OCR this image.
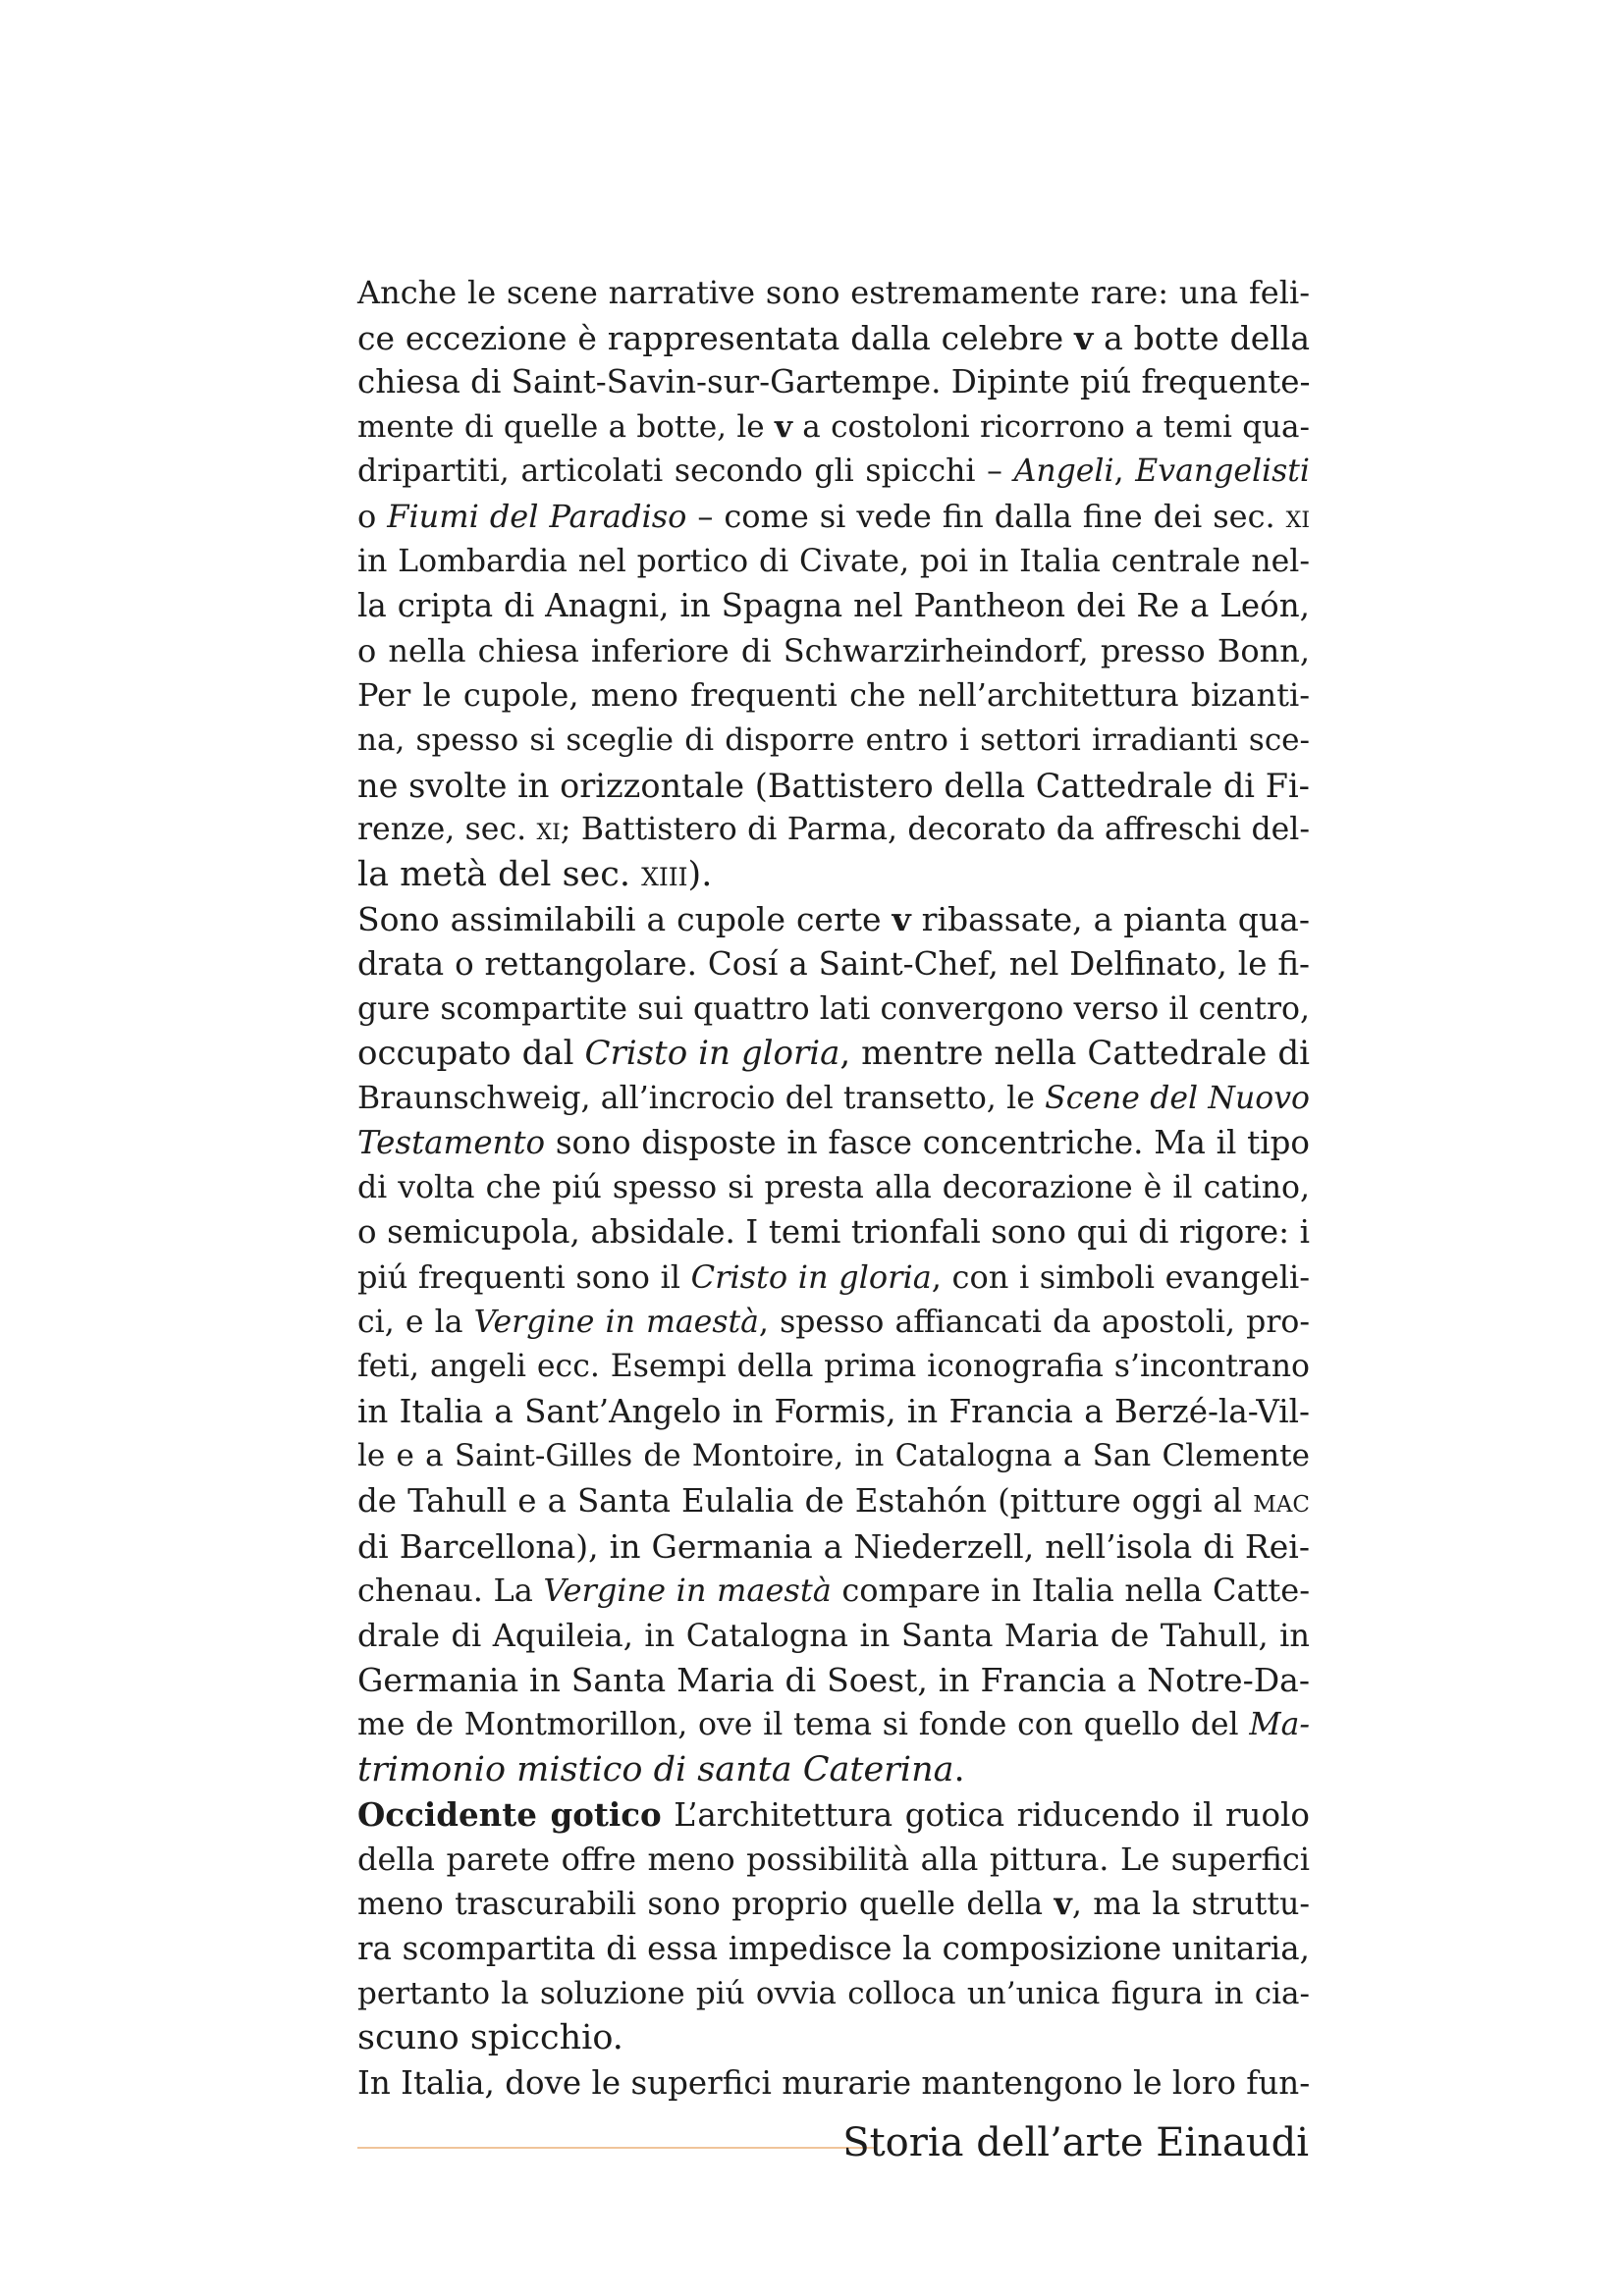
Anche le scene narrative sono estremamente rare: una feli-
ce eccezione è rappresentata dalla celebre v a botte della
chiesa di Saint-Savin-sur-Gartempe. Dipinte piú frequente-
mente di quelle a botte, le v a costoloni ricorrono a temi qua-
dripartiti, articolati secondo gli spicchi – Angeli, Evangelisti
o Fiumi del Paradiso – come si vede fin dalla fine dei sec. xi
in Lombardia nel portico di Civate, poi in Italia centrale nel-
la cripta di Anagni, in Spagna nel Pantheon dei Re a León,
o nella chiesa inferiore di Schwarzirheindorf, presso Bonn,
Per le cupole, meno frequenti che nell’architettura bizanti-
na, spesso si sceglie di disporre entro i settori irradianti sce-
ne svolte in orizzontale (Battistero della Cattedrale di Fi-
renze, sec. xi; Battistero di Parma, decorato da affreschi del-
la metà del sec. xiii).
Sono assimilabili a cupole certe v ribassate, a pianta qua-
drata o rettangolare. Cosí a Saint-Chef, nel Delfinato, le fi-
gure scompartite sui quattro lati convergono verso il centro,
occupato dal Cristo in gloria, mentre nella Cattedrale di
Braunschweig, all’incrocio del transetto, le Scene del Nuovo
Testamento sono disposte in fasce concentriche. Ma il tipo
di volta che piú spesso si presta alla decorazione è il catino,
o semicupola, absidale. I temi trionfali sono qui di rigore: i
piú frequenti sono il Cristo in gloria, con i simboli evangeli-
ci, e la Vergine in maestà, spesso affiancati da apostoli, pro-
feti, angeli ecc. Esempi della prima iconografia s’incontrano
in Italia a Sant’Angelo in Formis, in Francia a Berzé-la-Vil-
le e a Saint-Gilles de Montoire, in Catalogna a San Clemente
de Tahull e a Santa Eulalia de Estahón (pitture oggi al mac
di Barcellona), in Germania a Niederzell, nell’isola di Rei-
chenau. La Vergine in maestà compare in Italia nella Catte-
drale di Aquileia, in Catalogna in Santa Maria de Tahull, in
Germania in Santa Maria di Soest, in Francia a Notre-Da-
me de Montmorillon, ove il tema si fonde con quello del Ma-
trimonio mistico di santa Caterina.
Occidente gotico L’architettura gotica riducendo il ruolo
della parete offre meno possibilità alla pittura. Le superfici
meno trascurabili sono proprio quelle della v, ma la struttu-
ra scompartita di essa impedisce la composizione unitaria,
pertanto la soluzione piú ovvia colloca un’unica figura in cia-
scuno spicchio.
In Italia, dove le superfici murarie mantengono le loro fun-
Storia dell’arte Einaudi
